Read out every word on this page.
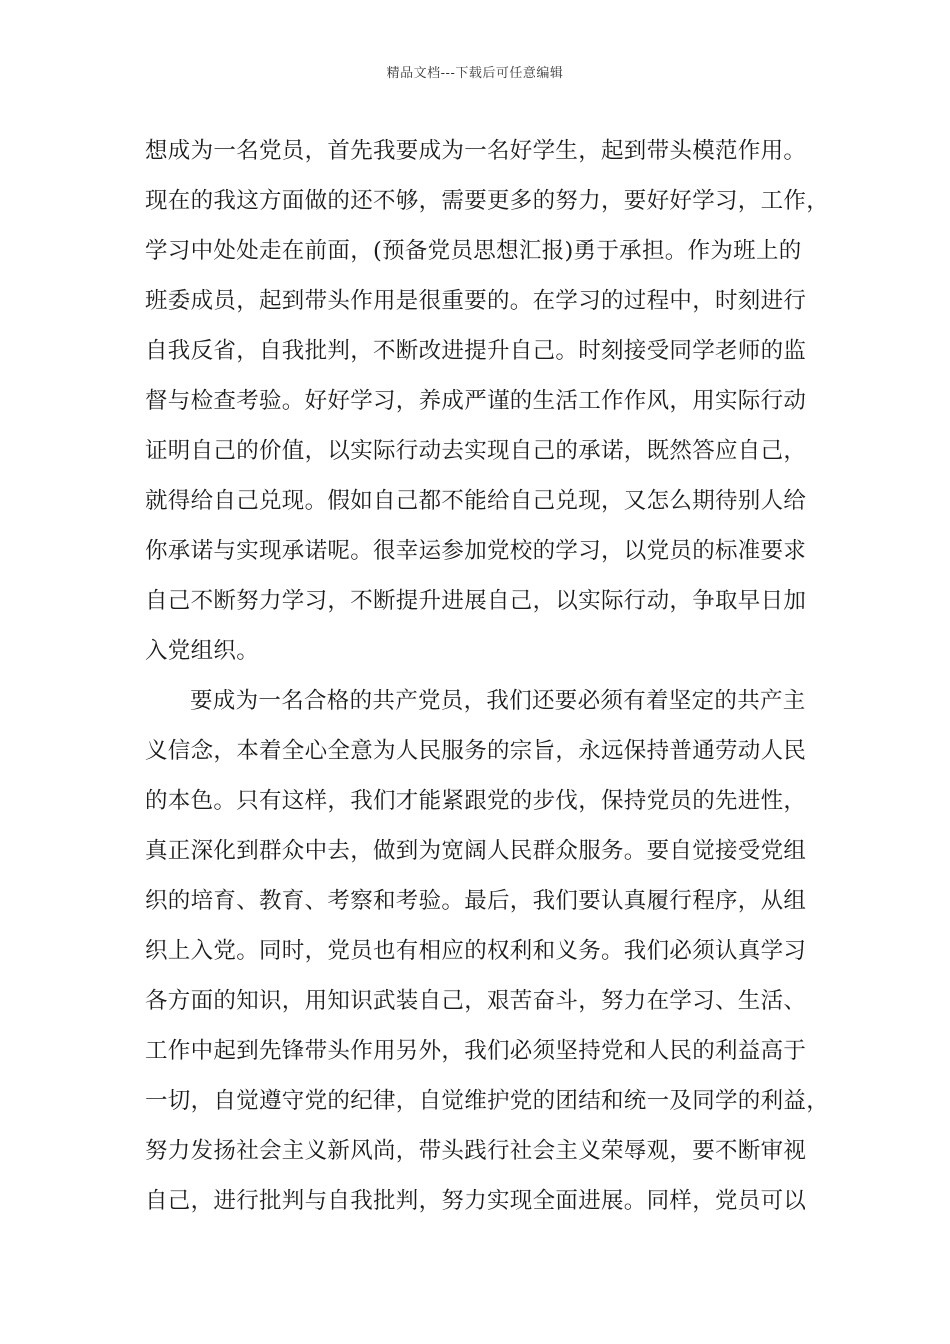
精品文档---下载后可任意编辑
想成为一名党员，首先我要成为一名好学生，起到带头模范作用。
现在的我这方面做的还不够，需要更多的努力，要好好学习，工作，
学习中处处走在前面，(预备党员思想汇报)勇于承担。作为班上的
班委成员，起到带头作用是很重要的。在学习的过程中，时刻进行
自我反省，自我批判，不断改进提升自己。时刻接受同学老师的监
督与检查考验。好好学习，养成严谨的生活工作作风，用实际行动
证明自己的价值，以实际行动去实现自己的承诺，既然答应自己，
就得给自己兑现。假如自己都不能给自己兑现，又怎么期待别人给
你承诺与实现承诺呢。很幸运参加党校的学习，以党员的标准要求
自己不断努力学习，不断提升进展自己，以实际行动，争取早日加
入党组织。
要成为一名合格的共产党员，我们还要必须有着坚定的共产主
义信念，本着全心全意为人民服务的宗旨，永远保持普通劳动人民
的本色。只有这样，我们才能紧跟党的步伐，保持党员的先进性，
真正深化到群众中去，做到为宽阔人民群众服务。要自觉接受党组
织的培育、教育、考察和考验。最后，我们要认真履行程序，从组
织上入党。同时，党员也有相应的权利和义务。我们必须认真学习
各方面的知识，用知识武装自己，艰苦奋斗，努力在学习、生活、
工作中起到先锋带头作用另外，我们必须坚持党和人民的利益高于
一切，自觉遵守党的纪律，自觉维护党的团结和统一及同学的利益，
努力发扬社会主义新风尚，带头践行社会主义荣辱观，要不断审视
自己，进行批判与自我批判，努力实现全面进展。同样，党员可以
